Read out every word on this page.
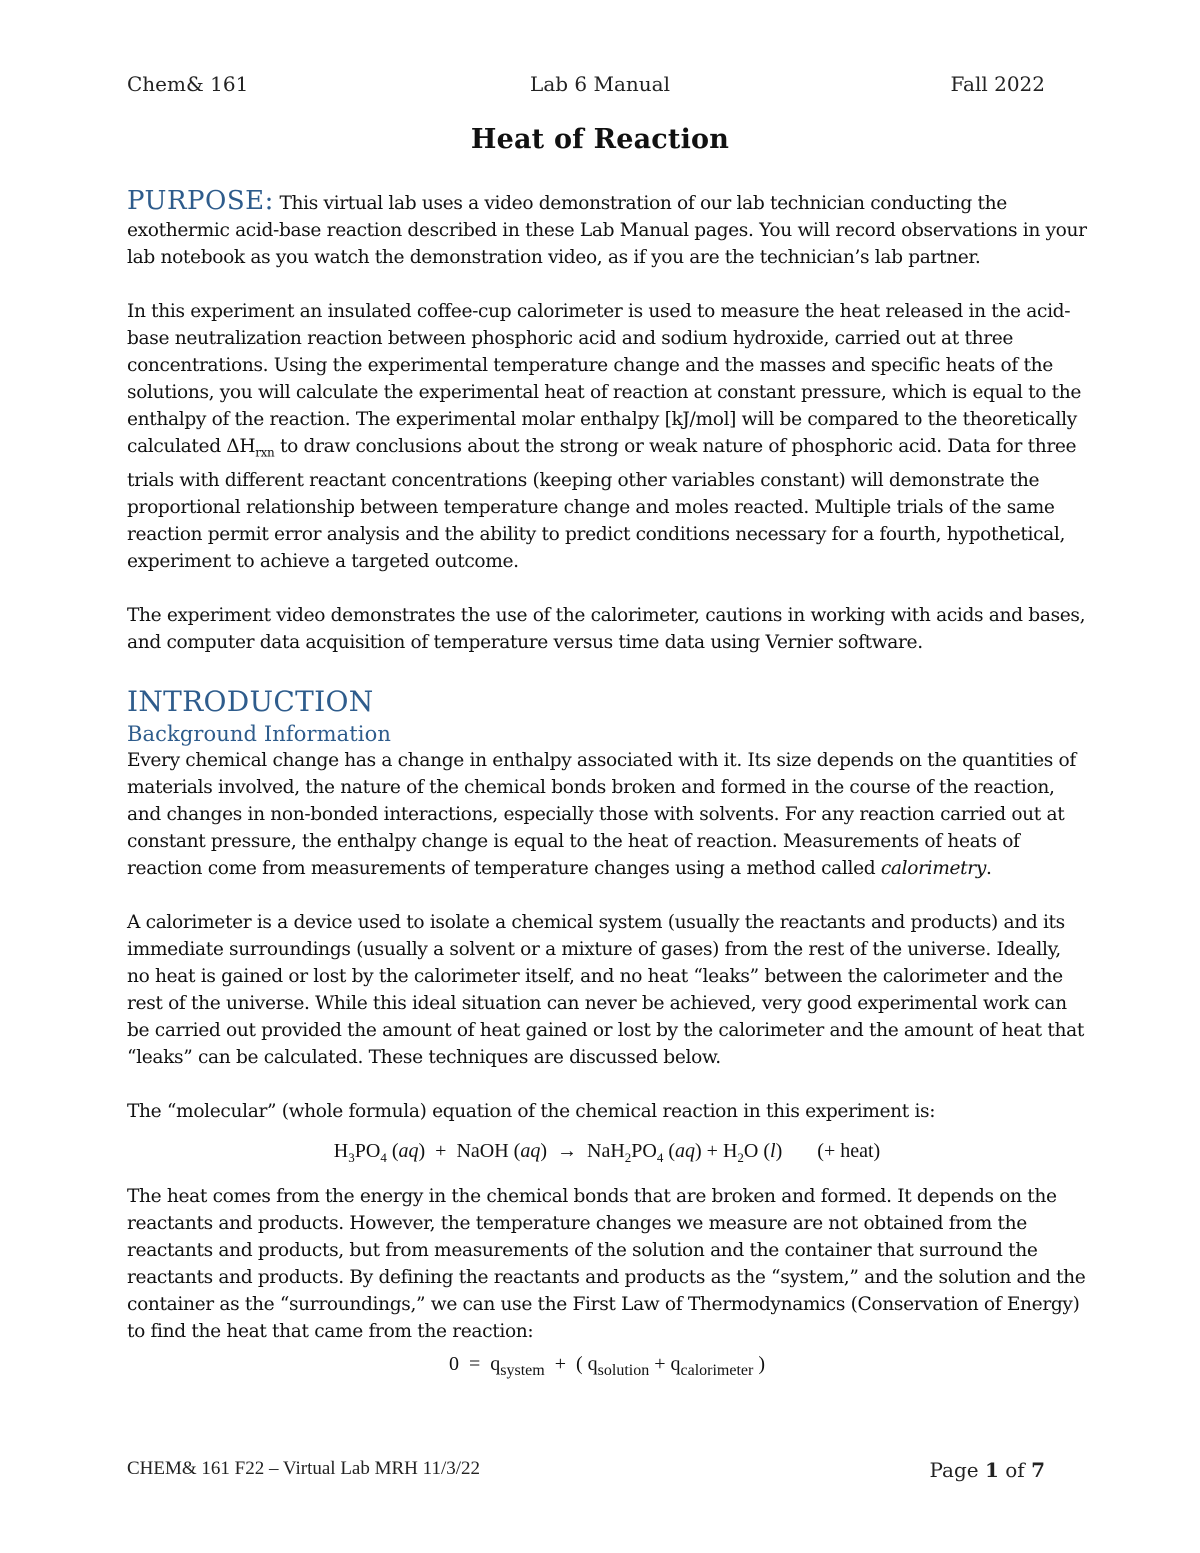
Chem& 161	Lab 6 Manual	Fall 2022
Heat of Reaction

PURPOSE: This virtual lab uses a video demonstration of our lab technician conducting the exothermic acid-base reaction described in these Lab Manual pages. You will record observations in your lab notebook as you watch the demonstration video, as if you are the technician’s lab partner.

In this experiment an insulated coffee-cup calorimeter is used to measure the heat released in the acid-base neutralization reaction between phosphoric acid and sodium hydroxide, carried out at three concentrations. Using the experimental temperature change and the masses and specific heats of the solutions, you will calculate the experimental heat of reaction at constant pressure, which is equal to the enthalpy of the reaction. The experimental molar enthalpy [kJ/mol] will be compared to the theoretically calculated $\Delta H_{rxn}$ to draw conclusions about the strong or weak nature of phosphoric acid. Data for three trials with different reactant concentrations (keeping other variables constant) will demonstrate the proportional relationship between temperature change and moles reacted. Multiple trials of the same reaction permit error analysis and the ability to predict conditions necessary for a fourth, hypothetical, experiment to achieve a targeted outcome.

The experiment video demonstrates the use of the calorimeter, cautions in working with acids and bases, and computer data acquisition of temperature versus time data using Vernier software.

INTRODUCTION
Background Information

Every chemical change has a change in enthalpy associated with it. Its size depends on the quantities of materials involved, the nature of the chemical bonds broken and formed in the course of the reaction, and changes in non-bonded interactions, especially those with solvents. For any reaction carried out at constant pressure, the enthalpy change is equal to the heat of reaction. Measurements of heats of reaction come from measurements of temperature changes using a method called calorimetry.

A calorimeter is a device used to isolate a chemical system (usually the reactants and products) and its immediate surroundings (usually a solvent or a mixture of gases) from the rest of the universe. Ideally, no heat is gained or lost by the calorimeter itself, and no heat “leaks” between the calorimeter and the rest of the universe. While this ideal situation can never be achieved, very good experimental work can be carried out provided the amount of heat gained or lost by the calorimeter and the amount of heat that “leaks” can be calculated. These techniques are discussed below.

The “molecular” (whole formula) equation of the chemical reaction in this experiment is:

$H_3PO_4$ (aq)  +  NaOH $(aq) \to NaH_2PO_4$ $(aq) + H_2O$ (l)       (+ heat)

The heat comes from the energy in the chemical bonds that are broken and formed. It depends on the reactants and products. However, the temperature changes we measure are not obtained from the reactants and products, but from measurements of the solution and the container that surround the reactants and products. By defining the reactants and products as the “system,” and the solution and the container as the “surroundings,” we can use the First Law of Thermodynamics (Conservation of Energy) to find the heat that came from the reaction:

$0 = q_{system}$ +  ( $q_{solution} + q_{calorimeter}$ )
CHEM& 161 F22 – Virtual Lab MRH 11/3/22	Page 1 of 7
